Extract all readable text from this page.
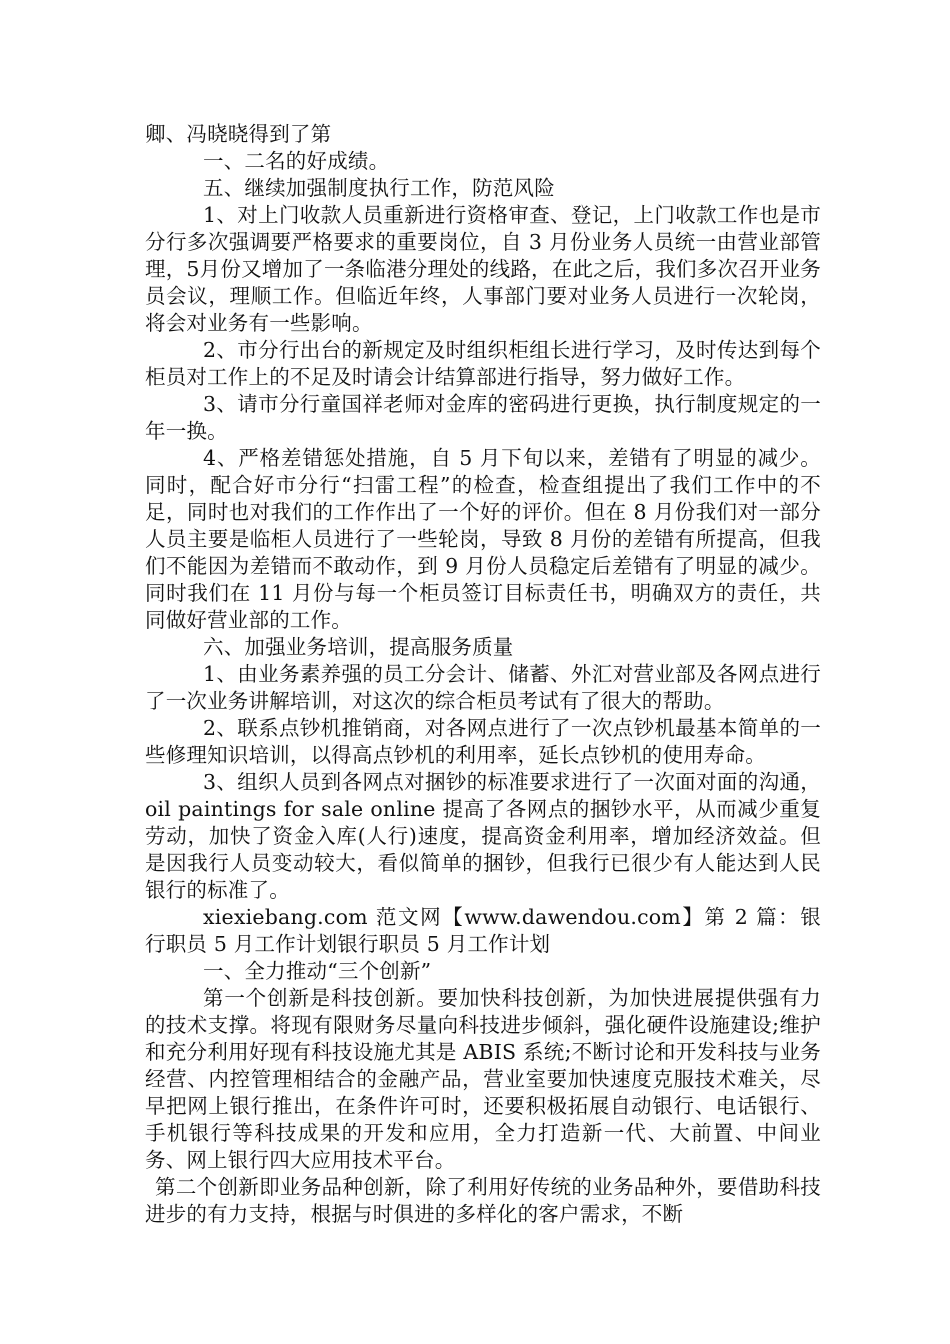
卿、冯晓晓得到了第

一、二名的好成绩。

五、继续加强制度执行工作，防范风险

1、对上门收款人员重新进行资格审查、登记，上门收款工作也是市分行多次强调要严格要求的重要岗位，自 3 月份业务人员统一由营业部管理，5月份又增加了一条临港分理处的线路，在此之后，我们多次召开业务员会议，理顺工作。但临近年终，人事部门要对业务人员进行一次轮岗，将会对业务有一些影响。

2、市分行出台的新规定及时组织柜组长进行学习，及时传达到每个柜员对工作上的不足及时请会计结算部进行指导，努力做好工作。

3、请市分行童国祥老师对金库的密码进行更换，执行制度规定的一年一换。

4、严格差错惩处措施，自 5 月下旬以来，差错有了明显的减少。同时，配合好市分行“扫雷工程”的检查，检查组提出了我们工作中的不足，同时也对我们的工作作出了一个好的评价。但在 8 月份我们对一部分人员主要是临柜人员进行了一些轮岗，导致 8 月份的差错有所提高，但我们不能因为差错而不敢动作，到 9 月份人员稳定后差错有了明显的减少。同时我们在 11 月份与每一个柜员签订目标责任书，明确双方的责任，共同做好营业部的工作。

六、加强业务培训，提高服务质量

1、由业务素养强的员工分会计、储蓄、外汇对营业部及各网点进行了一次业务讲解培训，对这次的综合柜员考试有了很大的帮助。

2、联系点钞机推销商，对各网点进行了一次点钞机最基本简单的一些修理知识培训，以得高点钞机的利用率，延长点钞机的使用寿命。

3、组织人员到各网点对捆钞的标准要求进行了一次面对面的沟通，oil paintings for sale online 提高了各网点的捆钞水平，从而减少重复劳动，加快了资金入库(人行)速度，提高资金利用率，增加经济效益。但是因我行人员变动较大，看似简单的捆钞，但我行已很少有人能达到人民银行的标准了。

xiexiebang.com 范文网【www.dawendou.com】第 2 篇：银行职员 5 月工作计划银行职员 5 月工作计划

一、全力推动“三个创新”

第一个创新是科技创新。要加快科技创新，为加快进展提供强有力的技术支撑。将现有限财务尽量向科技进步倾斜，强化硬件设施建设;维护和充分利用好现有科技设施尤其是 ABIS 系统;不断讨论和开发科技与业务经营、内控管理相结合的金融产品，营业室要加快速度克服技术难关，尽早把网上银行推出，在条件许可时，还要积极拓展自动银行、电话银行、手机银行等科技成果的开发和应用，全力打造新一代、大前置、中间业务、网上银行四大应用技术平台。

第二个创新即业务品种创新，除了利用好传统的业务品种外，要借助科技进步的有力支持，根据与时俱进的多样化的客户需求，不断
